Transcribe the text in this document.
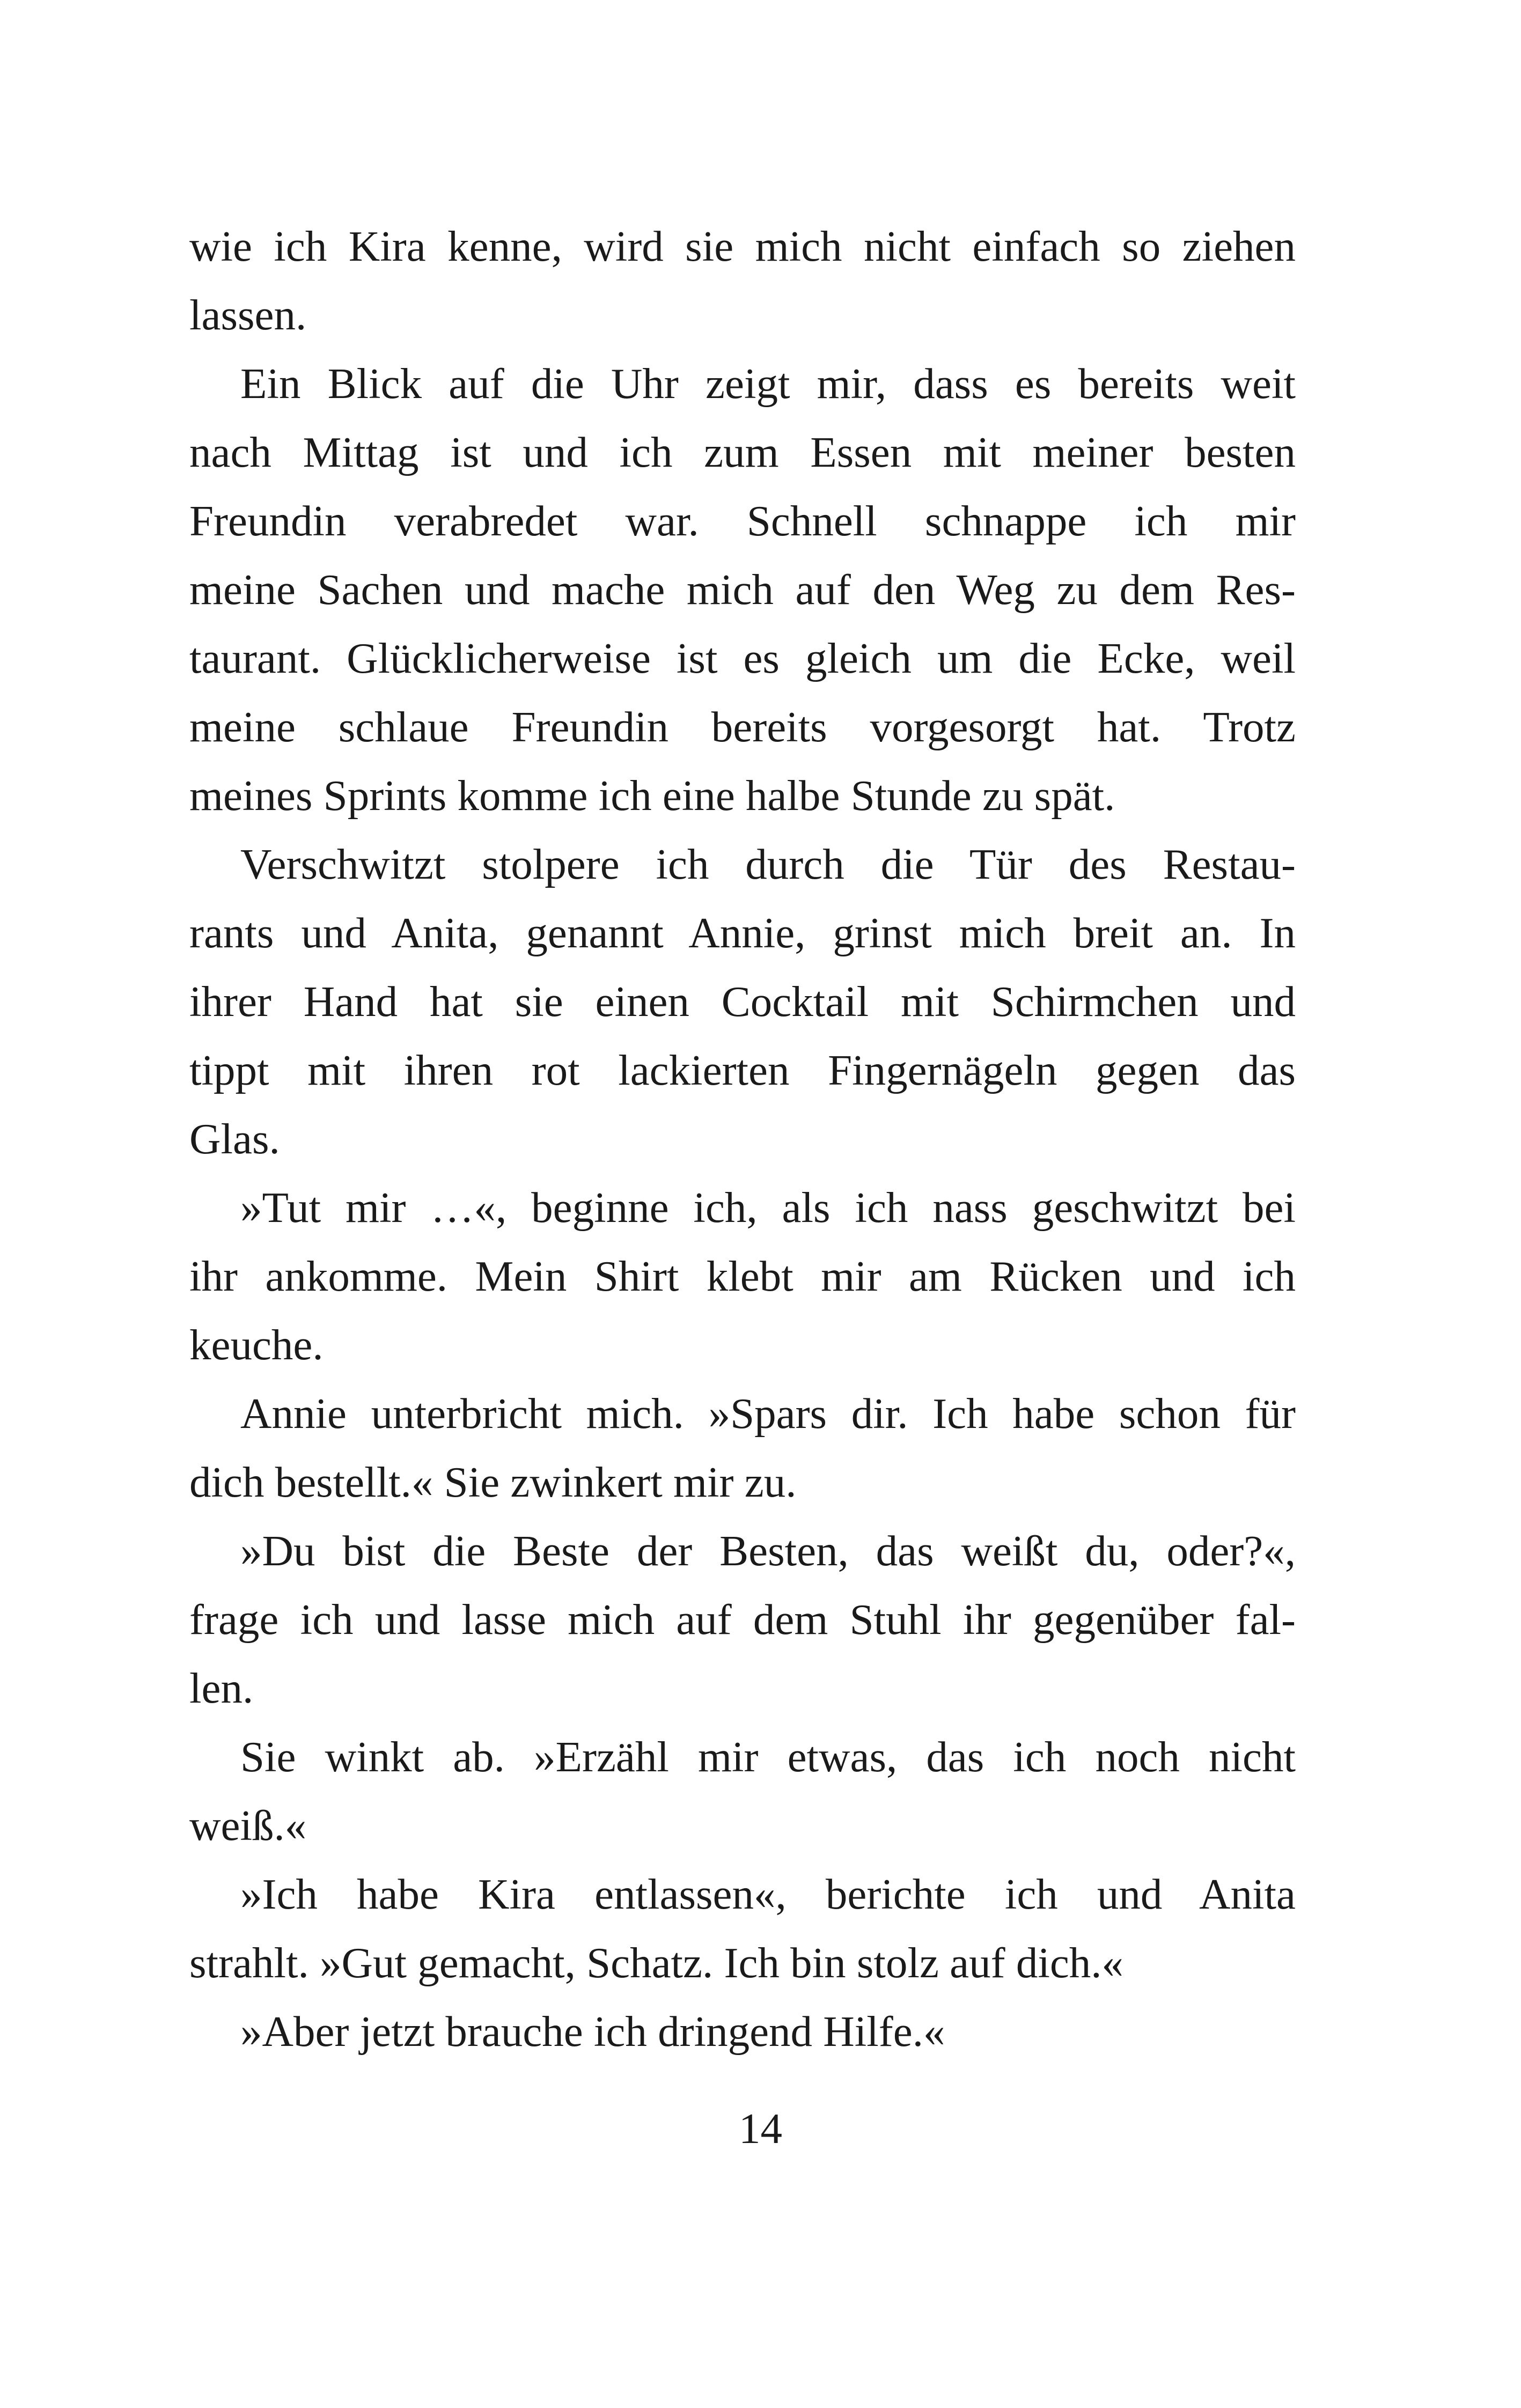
wie ich Kira kenne, wird sie mich nicht einfach so ziehen
lassen.
Ein Blick auf die Uhr zeigt mir, dass es bereits weit
nach Mittag ist und ich zum Essen mit meiner besten
Freundin verabredet war. Schnell schnappe ich mir
meine Sachen und mache mich auf den Weg zu dem Res-
taurant. Glücklicherweise ist es gleich um die Ecke, weil
meine schlaue Freundin bereits vorgesorgt hat. Trotz
meines Sprints komme ich eine halbe Stunde zu spät.
Verschwitzt stolpere ich durch die Tür des Restau-
rants und Anita, genannt Annie, grinst mich breit an. In
ihrer Hand hat sie einen Cocktail mit Schirmchen und
tippt mit ihren rot lackierten Fingernägeln gegen das
Glas.
»Tut mir …«, beginne ich, als ich nass geschwitzt bei
ihr ankomme. Mein Shirt klebt mir am Rücken und ich
keuche.
Annie unterbricht mich. »Spars dir. Ich habe schon für
dich bestellt.« Sie zwinkert mir zu.
»Du bist die Beste der Besten, das weißt du, oder?«,
frage ich und lasse mich auf dem Stuhl ihr gegenüber fal-
len.
Sie winkt ab. »Erzähl mir etwas, das ich noch nicht
weiß.«
»Ich habe Kira entlassen«, berichte ich und Anita
strahlt. »Gut gemacht, Schatz. Ich bin stolz auf dich.«
»Aber jetzt brauche ich dringend Hilfe.«
14
